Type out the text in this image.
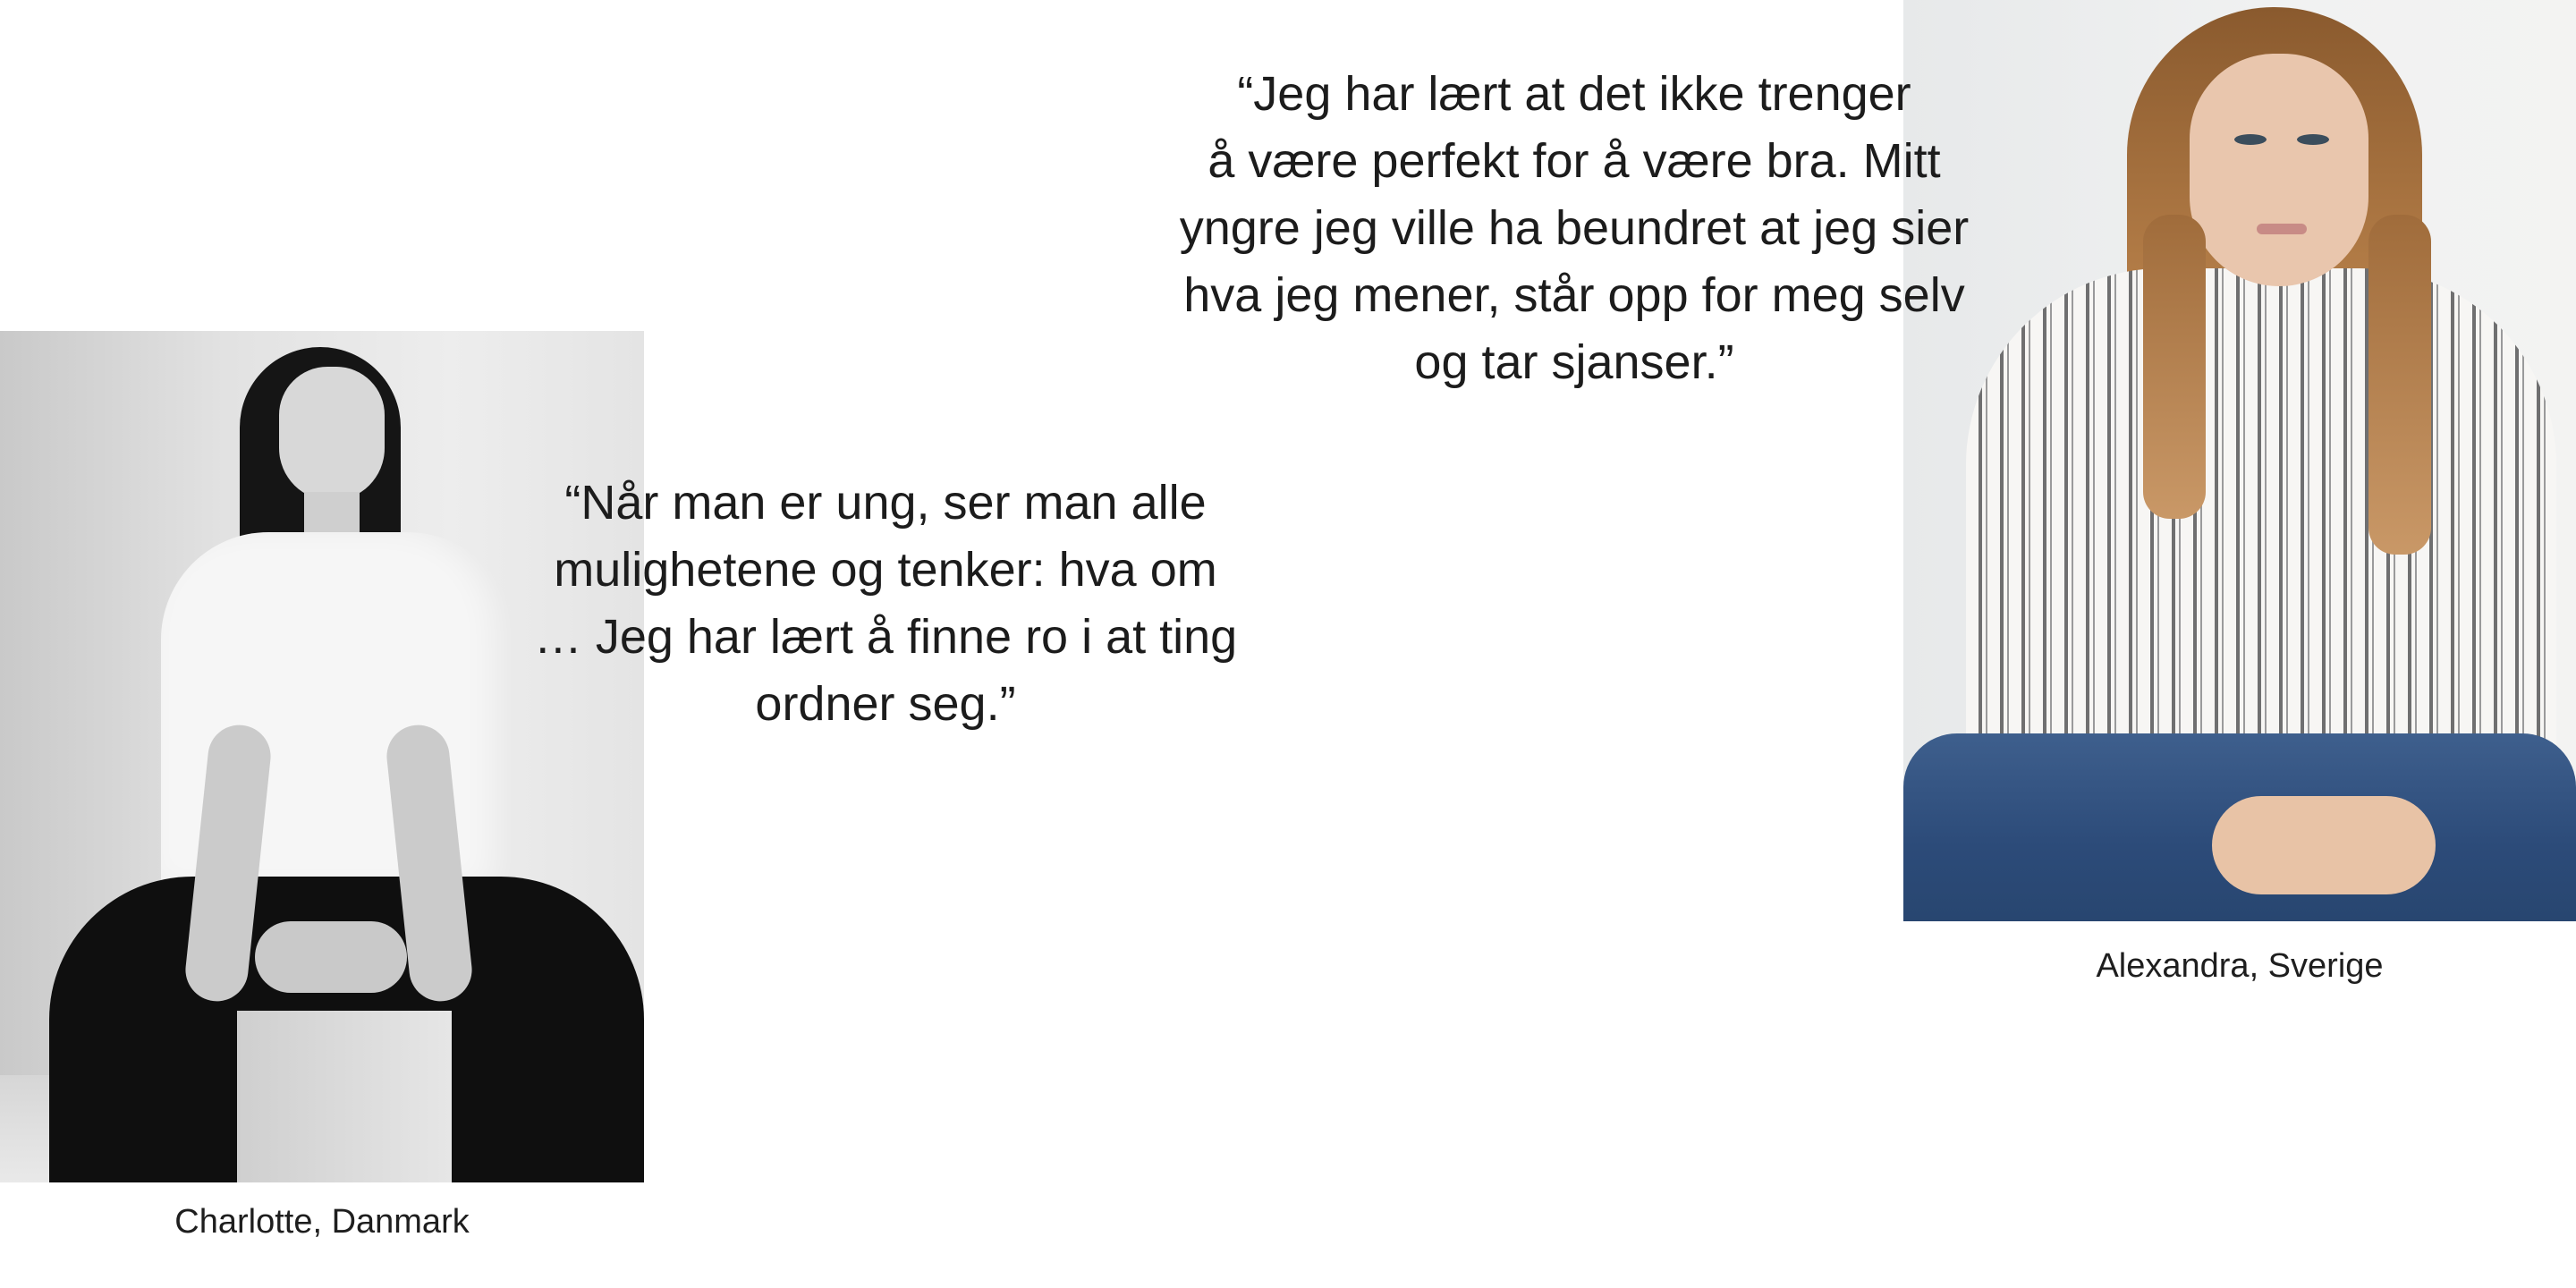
“Når man er ung, ser man alle
mulighetene og tenker: hva om
… Jeg har lært å finne ro i at ting
ordner seg.”

Charlotte, Danmark

“Jeg har lært at det ikke trenger
å være perfekt for å være bra. Mitt
yngre jeg ville ha beundret at jeg sier
hva jeg mener, står opp for meg selv
og tar sjanser.”

Alexandra, Sverige
